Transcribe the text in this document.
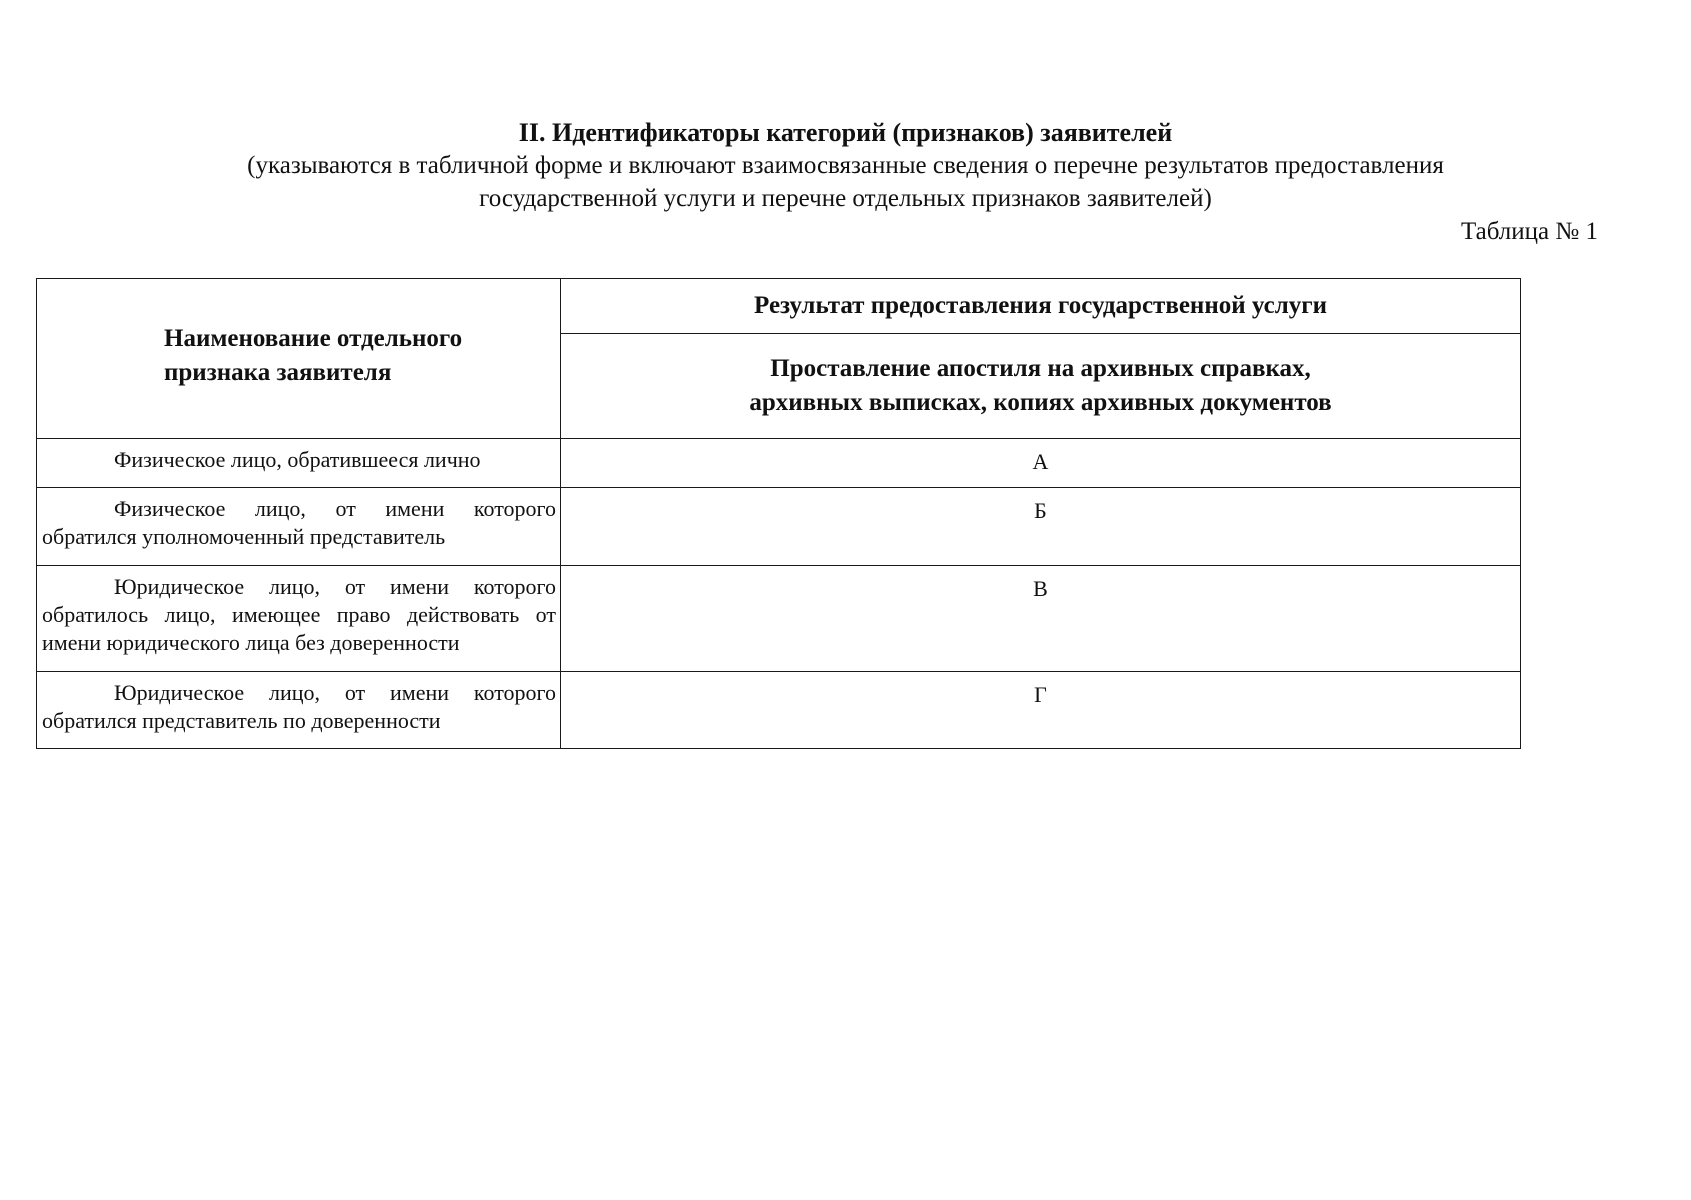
II. Идентификаторы категорий (признаков) заявителей
(указываются в табличной форме и включают взаимосвязанные сведения о перечне результатов предоставления
государственной услуги и перечне отдельных признаков заявителей)
Таблица № 1
Наименование отдельного признака заявителя	Результат предоставления государственной услуги

	Проставление апостиля на архивных справках, архивных выписках, копиях архивных документов

Физическое лицо, обратившееся лично	А
Физическое лицо, от имени которого обратился уполномоченный представитель	Б
Юридическое лицо, от имени которого обратилось лицо, имеющее право действовать от имени юридического лица без доверенности	В
Юридическое лицо, от имени которого обратился представитель по доверенности	Г
